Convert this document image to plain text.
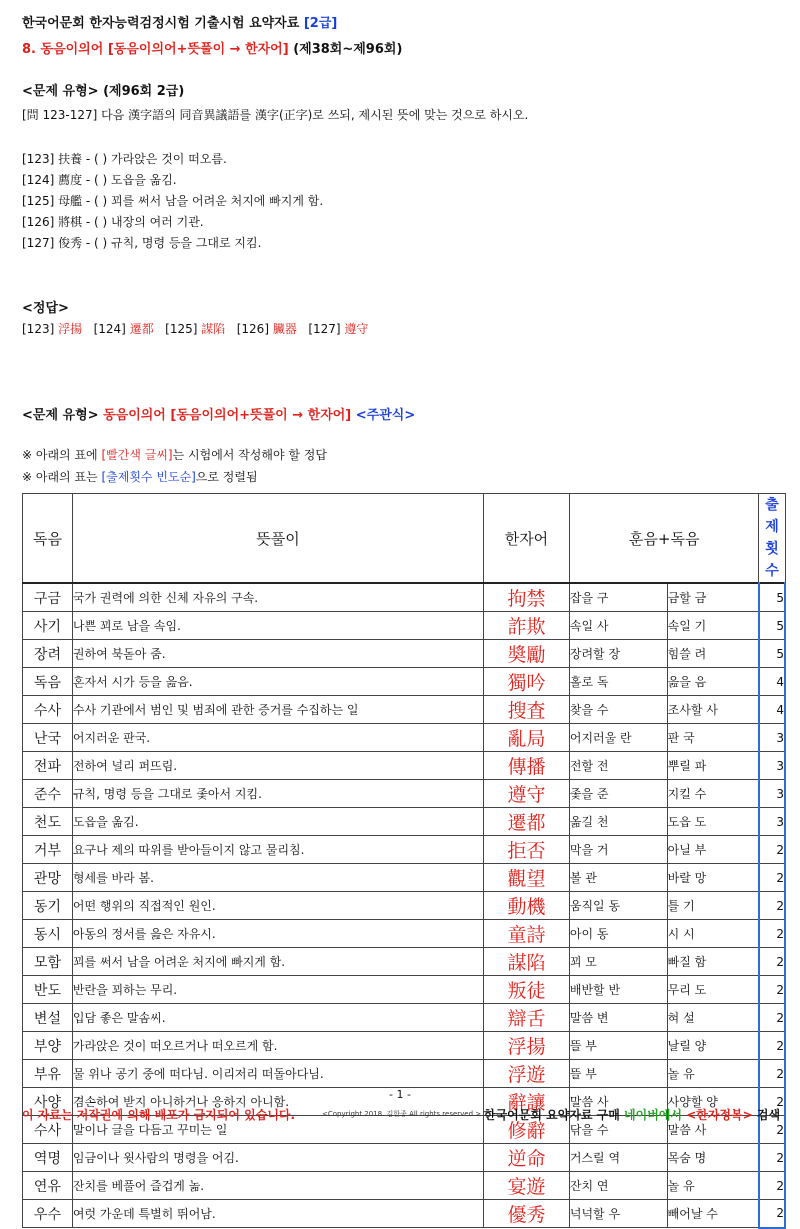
한국어문회 한자능력검정시험 기출시험 요약자료 [2급]
8. 동음이의어 [동음이의어+뜻풀이 → 한자어] (제38회~제96회)
<문제 유형> (제96회 2급)
[問 123-127] 다음 漢字語의 同音異議語를 漢字(正字)로 쓰되, 제시된 뜻에 맞는 것으로 하시오.
[123] 扶養 - ( ) 가라앉은 것이 떠오름.
[124] 薦度 - ( ) 도읍을 옮김.
[125] 母艦 - ( ) 꾀를 써서 남을 어려운 처지에 빠지게 함.
[126] 將棋 - ( ) 내장의 여러 기관.
[127] 俊秀 - ( ) 규칙, 명령 등을 그대로 지킴.
<정답>
[123] 浮揚 [124] 遷都 [125] 謀陷 [126] 臟器 [127] 遵守
<문제 유형> 동음이의어 [동음이의어+뜻풀이 → 한자어] <주관식>
※ 아래의 표에 [빨간색 글씨]는 시험에서 작성해야 할 정답
※ 아래의 표는 [출제횟수 빈도순]으로 정렬됨
독음	뜻풀이	한자어	훈음+독음		출제
횟수

구금	국가 권력에 의한 신체 자유의 구속.	拘禁	잡을 구	금할 금	5
사기	나쁜 꾀로 남을 속임.	詐欺	속일 사	속일 기	5
장려	권하여 북돋아 줌.	奬勵	장려할 장	힘쓸 려	5
독음	혼자서 시가 등을 읊음.	獨吟	홀로 독	읊을 음	4
수사	수사 기관에서 범인 및 범죄에 관한 증거를 수집하는 일	搜査	찾을 수	조사할 사	4
난국	어지러운 판국.	亂局	어지러울 란	판 국	3
전파	전하여 널리 퍼뜨림.	傳播	전할 전	뿌릴 파	3
준수	규칙, 명령 등을 그대로 좇아서 지킴.	遵守	좇을 준	지킬 수	3
천도	도읍을 옮김.	遷都	옮길 천	도읍 도	3
거부	요구나 제의 따위를 받아들이지 않고 물리침.	拒否	막을 거	아닐 부	2
관망	형세를 바라 봄.	觀望	볼 관	바랄 망	2
동기	어떤 행위의 직접적인 원인.	動機	움직일 동	틀 기	2
동시	아동의 정서를 읊은 자유시.	童詩	아이 동	시 시	2
모함	꾀를 써서 남을 어려운 처지에 빠지게 함.	謀陷	꾀 모	빠질 함	2
반도	반란을 꾀하는 무리.	叛徒	배반할 반	무리 도	2
변설	입담 좋은 말솜씨.	辯舌	말씀 변	혀 설	2
부양	가라앉은 것이 떠오르거나 떠오르게 함.	浮揚	뜰 부	날릴 양	2
부유	물 위나 공기 중에 떠다님. 이리저리 떠돌아다님.	浮遊	뜰 부	놀 유	2
사양	겸손하여 받지 아니하거나 응하지 아니함.	辭讓	말씀 사	사양할 양	2
수사	말이나 글을 다듬고 꾸미는 일	修辭	닦을 수	말씀 사	2
역명	임금이나 윗사람의 명령을 어김.	逆命	거스릴 역	목숨 명	2
연유	잔치를 베풀어 즐겁게 놂.	宴遊	잔치 연	놀 유	2
우수	여럿 가운데 특별히 뛰어남.	優秀	넉넉할 우	빼어날 수	2
- 1 -
이 자료는 저작권에 의해 배포가 금지되어 있습니다.	<Copyright 2018. 김한종 All rights reserved.> 한국어문회 요약자료 구매 네이버에서 <한자정복> 검색
